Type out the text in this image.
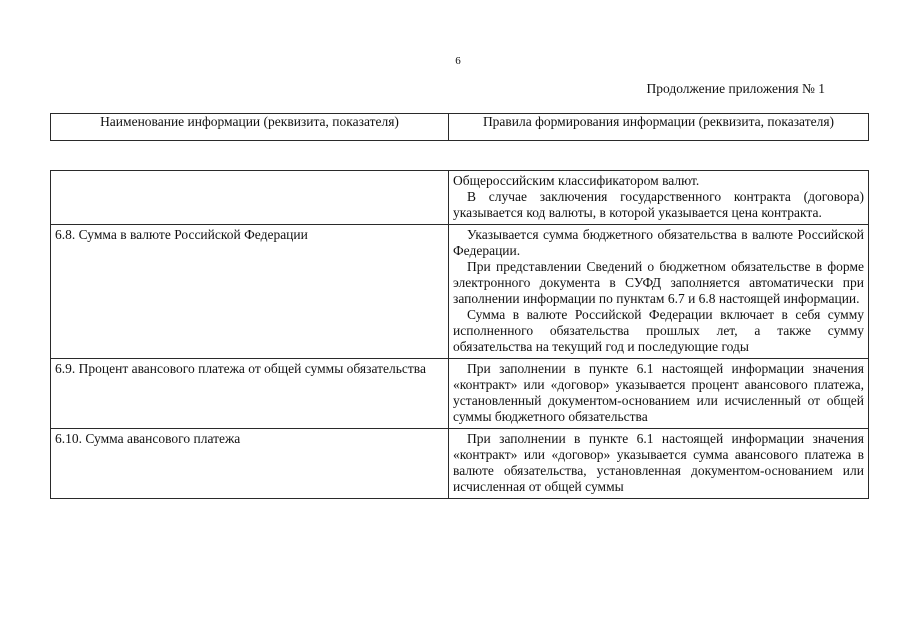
6
Продолжение приложения № 1
Наименование информации (реквизита, показателя)	Правила формирования информации (реквизита, показателя)

	Общероссийским классификатором валют.

В случае заключения государственного контракта (договора) указывается код валюты, в которой указывается цена контракта.

6.8. Сумма в валюте Российской Федерации	Указывается сумма бюджетного обязательства в валюте Российской Федерации.

При представлении Сведений о бюджетном обязательстве в форме электронного документа в СУФД заполняется автоматически при заполнении информации по пунктам 6.7 и 6.8 настоящей информации.

Сумма в валюте Российской Федерации включает в себя сумму исполненного обязательства прошлых лет, а также сумму обязательства на текущий год и последующие годы

6.9. Процент авансового платежа от общей суммы обязательства	При заполнении в пункте 6.1 настоящей информации значения «контракт» или «договор» указывается процент авансового платежа, установленный документом-основанием или исчисленный от общей суммы бюджетного обязательства

6.10. Сумма авансового платежа	При заполнении в пункте 6.1 настоящей информации значения «контракт» или «договор» указывается сумма авансового платежа в валюте обязательства, установленная документом-основанием или исчисленная от общей суммы
